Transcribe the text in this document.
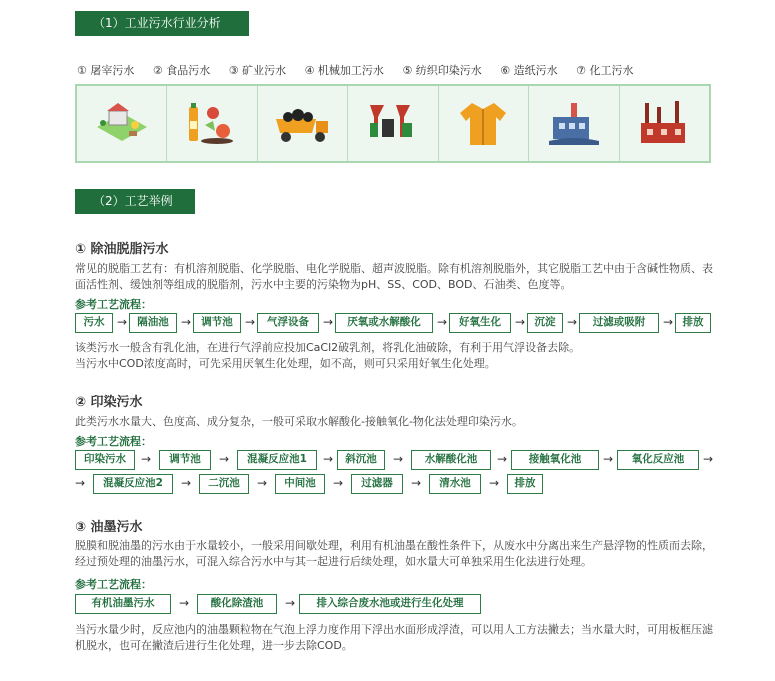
（1）工业污水行业分析
① 屠宰污水 ② 食品污水 ③ 矿业污水 ④ 机械加工污水 ⑤ 纺织印染污水 ⑥ 造纸污水 ⑦ 化工污水
（2）工艺举例
① 除油脱脂污水
常见的脱脂工艺有：有机溶剂脱脂、化学脱脂、电化学脱脂、超声波脱脂。除有机溶剂脱脂外，其它脱脂工艺中由于含碱性物质、表面活性剂、缓蚀剂等组成的脱脂剂，污水中主要的污染物为pH、SS、COD、BOD、石油类、色度等。
参考工艺流程：
污水	→ 隔油池	→ 调节池	→	气浮设备	→	厌氧或水解酸化	→	好氧生化	→ 沉淀 →	过滤或吸附	→ 排放
该类污水一般含有乳化油，在进行气浮前应投加CaCl2破乳剂，将乳化油破除，有利于用气浮设备去除。
当污水中COD浓度高时，可先采用厌氧生化处理，如不高，则可只采用好氧生化处理。
② 印染污水
此类污水水量大、色度高、成分复杂，一般可采取水解酸化-接触氧化-物化法处理印染污水。
参考工艺流程：
印染污水	→	调节池	→	混凝反应池1	→	斜沉池	→	水解酸化池	→	接触氧化池	→	氧化反应池	→
→	混凝反应池2	→	二沉池	→	中间池	→	过滤器	→	清水池	→	排放
③ 油墨污水
脱膜和脱油墨的污水由于水量较小，一般采用间歇处理，利用有机油墨在酸性条件下，从废水中分离出来生产悬浮物的性质而去除，经过预处理的油墨污水，可混入综合污水中与其一起进行后续处理，如水量大可单独采用生化法进行处理。
参考工艺流程：
有机油墨污水	→	酸化除渣池	→	排入综合废水池或进行生化处理
当污水量少时，反应池内的油墨颗粒物在气泡上浮力度作用下浮出水面形成浮渣，可以用人工方法撇去；当水量大时，可用板框压滤机脱水，也可在撇渣后进行生化处理，进一步去除COD。
